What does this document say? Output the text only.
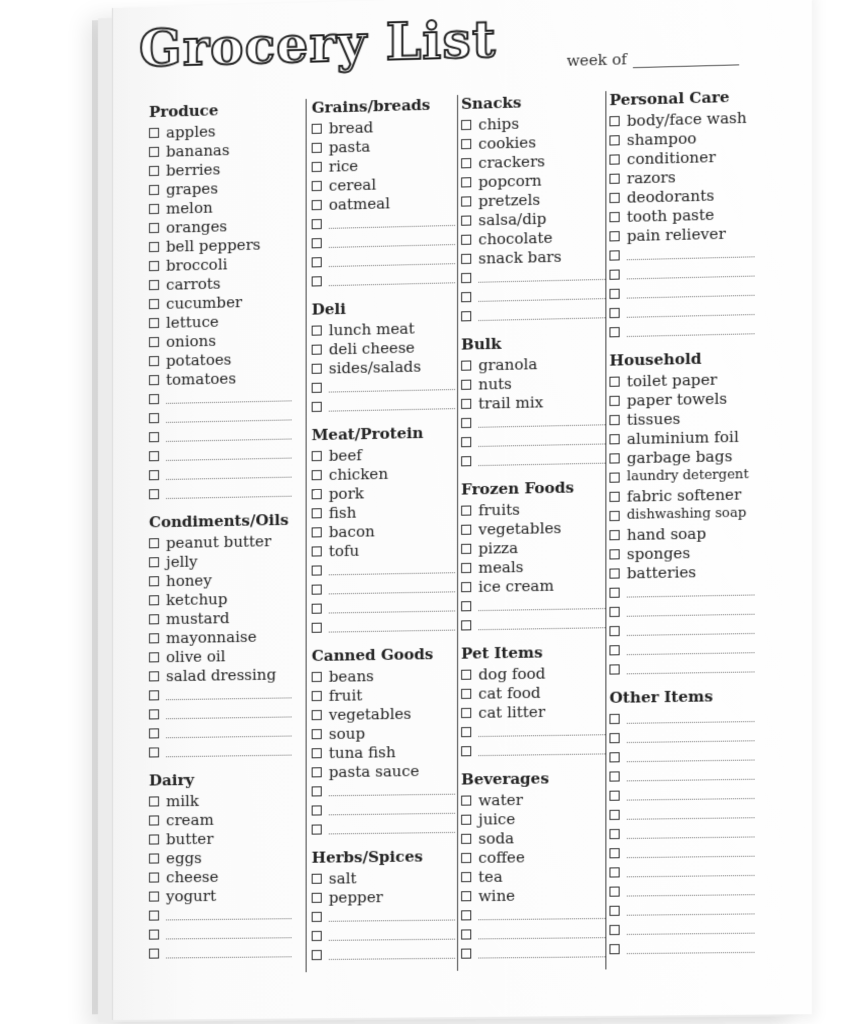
Grocery List	week of
Produce
apples
bananas
berries
grapes
melon
oranges
bell peppers
broccoli
carrots
cucumber
lettuce
onions
potatoes
tomatoes
Condiments/Oils
peanut butter
jelly
honey
ketchup
mustard
mayonnaise
olive oil
salad dressing
Dairy
milk
cream
butter
eggs
cheese
yogurt
Grains/breads
bread
pasta
rice
cereal
oatmeal
Deli
lunch meat
deli cheese
sides/salads
Meat/Protein
beef
chicken
pork
fish
bacon
tofu
Canned Goods
beans
fruit
vegetables
soup
tuna fish
pasta sauce
Herbs/Spices
salt
pepper
Snacks
chips
cookies
crackers
popcorn
pretzels
salsa/dip
chocolate
snack bars
Bulk
granola
nuts
trail mix
Frozen Foods
fruits
vegetables
pizza
meals
ice cream
Pet Items
dog food
cat food
cat litter
Beverages
water
juice
soda
coffee
tea
wine
Personal Care
body/face wash
shampoo
conditioner
razors
deodorants
tooth paste
pain reliever
Household
toilet paper
paper towels
tissues
aluminium foil
garbage bags
laundry detergent
fabric softener
dishwashing soap
hand soap
sponges
batteries
Other Items
